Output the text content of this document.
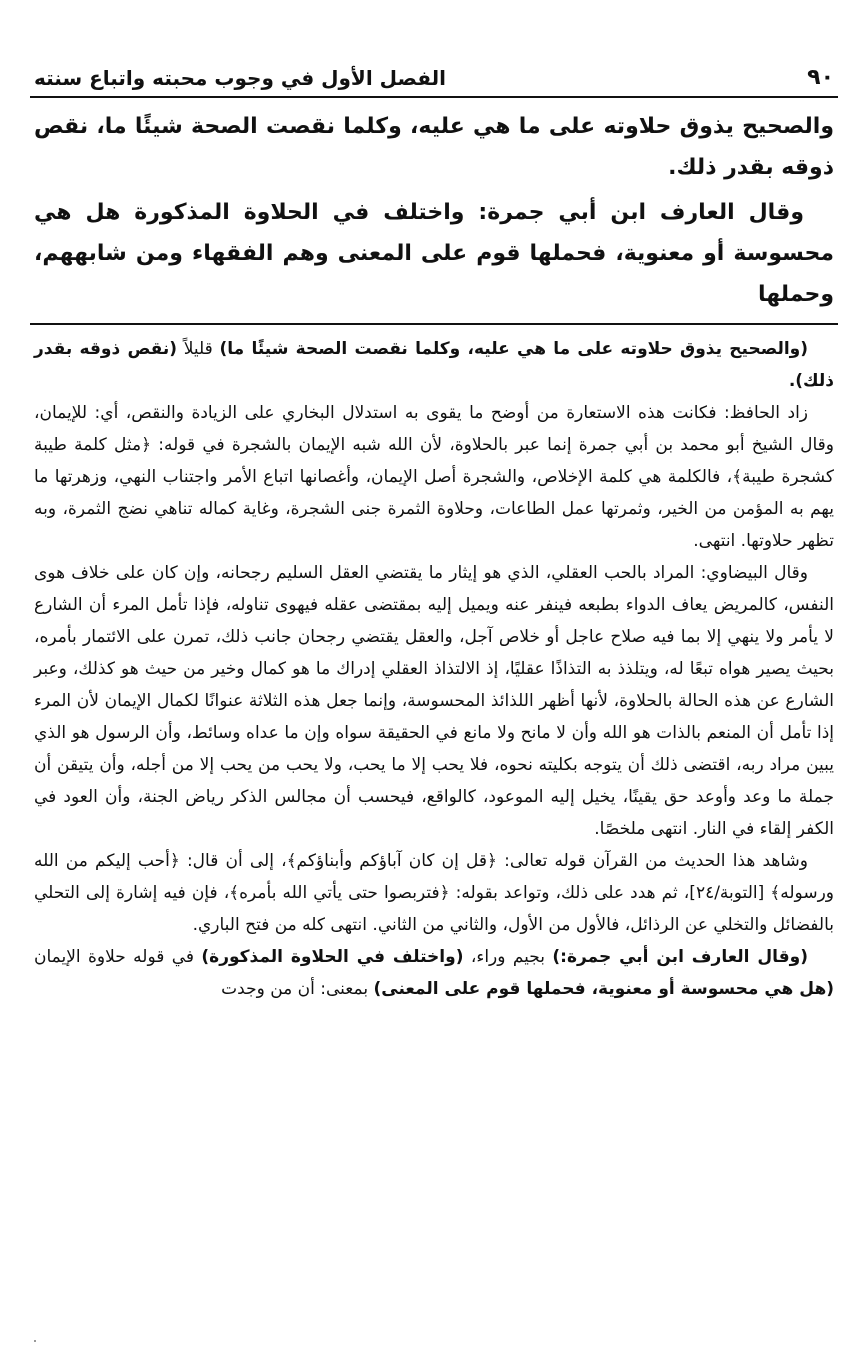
٩٠
الفصل الأول في وجوب محبته واتباع سنته

والصحيح يذوق حلاوته على ما هي عليه، وكلما نقصت الصحة شيئًا ما، نقص ذوقه بقدر ذلك.

وقال العارف ابن أبي جمرة: واختلف في الحلاوة المذكورة هل هي محسوسة أو معنوية، فحملها قوم على المعنى وهم الفقهاء ومن شابههم، وحملها

(والصحيح يذوق حلاوته على ما هي عليه، وكلما نقصت الصحة شيئًا ما) قليلاً (نقص ذوقه بقدر ذلك).

زاد الحافظ: فكانت هذه الاستعارة من أوضح ما يقوى به استدلال البخاري على الزيادة والنقص، أي: للإيمان، وقال الشيخ أبو محمد بن أبي جمرة إنما عبر بالحلاوة، لأن الله شبه الإيمان بالشجرة في قوله: ﴿مثل كلمة طيبة كشجرة طيبة﴾، فالكلمة هي كلمة الإخلاص، والشجرة أصل الإيمان، وأغصانها اتباع الأمر واجتناب النهي، وزهرتها ما يهم به المؤمن من الخير، وثمرتها عمل الطاعات، وحلاوة الثمرة جنى الشجرة، وغاية كماله تناهي نضج الثمرة، وبه تظهر حلاوتها. انتهى.

وقال البيضاوي: المراد بالحب العقلي، الذي هو إيثار ما يقتضي العقل السليم رجحانه، وإن كان على خلاف هوى النفس، كالمريض يعاف الدواء بطبعه فينفر عنه ويميل إليه بمقتضى عقله فيهوى تناوله، فإذا تأمل المرء أن الشارع لا يأمر ولا ينهي إلا بما فيه صلاح عاجل أو خلاص آجل، والعقل يقتضي رجحان جانب ذلك، تمرن على الائتمار بأمره، بحيث يصير هواه تبعًا له، ويتلذذ به التذاذًا عقليًا، إذ الالتذاذ العقلي إدراك ما هو كمال وخير من حيث هو كذلك، وعبر الشارع عن هذه الحالة بالحلاوة، لأنها أظهر اللذائذ المحسوسة، وإنما جعل هذه الثلاثة عنوانًا لكمال الإيمان لأن المرء إذا تأمل أن المنعم بالذات هو الله وأن لا مانح ولا مانع في الحقيقة سواه وإن ما عداه وسائط، وأن الرسول هو الذي يبين مراد ربه، اقتضى ذلك أن يتوجه بكليته نحوه، فلا يحب إلا ما يحب، ولا يحب من يحب إلا من أجله، وأن يتيقن أن جملة ما وعد وأوعد حق يقينًا، يخيل إليه الموعود، كالواقع، فيحسب أن مجالس الذكر رياض الجنة، وأن العود في الكفر إلقاء في النار. انتهى ملخصًا.

وشاهد هذا الحديث من القرآن قوله تعالى: ﴿قل إن كان آباؤكم وأبناؤكم﴾، إلى أن قال: ﴿أحب إليكم من الله ورسوله﴾ [التوبة/٢٤]، ثم هدد على ذلك، وتواعد بقوله: ﴿فتربصوا حتى يأتي الله بأمره﴾، فإن فيه إشارة إلى التحلي بالفضائل والتخلي عن الرذائل، فالأول من الأول، والثاني من الثاني. انتهى كله من فتح الباري.

(وقال العارف ابن أبي جمرة:) بجيم وراء، (واختلف في الحلاوة المذكورة) في قوله حلاوة الإيمان (هل هي محسوسة أو معنوية، فحملها قوم على المعنى) بمعنى: أن من وجدت
